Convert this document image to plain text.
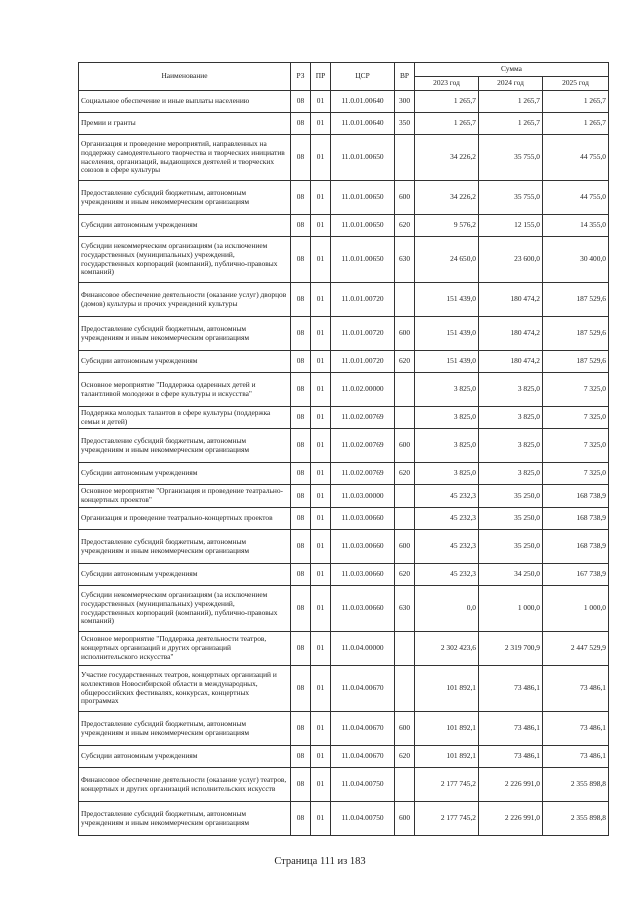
Наименование	РЗ	ПР	ЦСР	ВР	Сумма		
					2023 год	2024 год	2025 год
Социальное обеспечение и иные выплаты населению	08	01	11.0.01.00640	300	1 265,7	1 265,7	1 265,7
Премии и гранты	08	01	11.0.01.00640	350	1 265,7	1 265,7	1 265,7
Организация и проведение мероприятий, направленных на поддержку самодеятельного творчества и творческих инициатив населения, организаций, выдающихся деятелей и творческих союзов в сфере культуры	08	01	11.0.01.00650		34 226,2	35 755,0	44 755,0
Предоставление субсидий бюджетным, автономным учреждениям и иным некоммерческим организациям	08	01	11.0.01.00650	600	34 226,2	35 755,0	44 755,0
Субсидии автономным учреждениям	08	01	11.0.01.00650	620	9 576,2	12 155,0	14 355,0
Субсидии некоммерческим организациям (за исключением государственных (муниципальных) учреждений, государственных корпораций (компаний), публично-правовых компаний)	08	01	11.0.01.00650	630	24 650,0	23 600,0	30 400,0
Финансовое обеспечение деятельности (оказание услуг) дворцов (домов) культуры и прочих учреждений культуры	08	01	11.0.01.00720		151 439,0	180 474,2	187 529,6
Предоставление субсидий бюджетным, автономным учреждениям и иным некоммерческим организациям	08	01	11.0.01.00720	600	151 439,0	180 474,2	187 529,6
Субсидии автономным учреждениям	08	01	11.0.01.00720	620	151 439,0	180 474,2	187 529,6
Основное мероприятие "Поддержка одаренных детей и талантливой молодежи в сфере культуры и искусства"	08	01	11.0.02.00000		3 825,0	3 825,0	7 325,0
Поддержка молодых талантов в сфере культуры (поддержка семьи и детей)	08	01	11.0.02.00769		3 825,0	3 825,0	7 325,0
Предоставление субсидий бюджетным, автономным учреждениям и иным некоммерческим организациям	08	01	11.0.02.00769	600	3 825,0	3 825,0	7 325,0
Субсидии автономным учреждениям	08	01	11.0.02.00769	620	3 825,0	3 825,0	7 325,0
Основное мероприятие "Организация и проведение театрально-концертных проектов"	08	01	11.0.03.00000		45 232,3	35 250,0	168 738,9
Организация и проведение театрально-концертных проектов	08	01	11.0.03.00660		45 232,3	35 250,0	168 738,9
Предоставление субсидий бюджетным, автономным учреждениям и иным некоммерческим организациям	08	01	11.0.03.00660	600	45 232,3	35 250,0	168 738,9
Субсидии автономным учреждениям	08	01	11.0.03.00660	620	45 232,3	34 250,0	167 738,9
Субсидии некоммерческим организациям (за исключением государственных (муниципальных) учреждений, государственных корпораций (компаний), публично-правовых компаний)	08	01	11.0.03.00660	630	0,0	1 000,0	1 000,0
Основное мероприятие "Поддержка деятельности театров, концертных организаций и других организаций исполнительского искусства"	08	01	11.0.04.00000		2 302 423,6	2 319 700,9	2 447 529,9
Участие государственных театров, концертных организаций и коллективов Новосибирской области в международных, общероссийских фестивалях, конкурсах, концертных программах	08	01	11.0.04.00670		101 892,1	73 486,1	73 486,1
Предоставление субсидий бюджетным, автономным учреждениям и иным некоммерческим организациям	08	01	11.0.04.00670	600	101 892,1	73 486,1	73 486,1
Субсидии автономным учреждениям	08	01	11.0.04.00670	620	101 892,1	73 486,1	73 486,1
Финансовое обеспечение деятельности (оказание услуг) театров, концертных и других организаций исполнительских искусств	08	01	11.0.04.00750		2 177 745,2	2 226 991,0	2 355 898,8
Предоставление субсидий бюджетным, автономным учреждениям и иным некоммерческим организациям	08	01	11.0.04.00750	600	2 177 745,2	2 226 991,0	2 355 898,8
Страница 111 из 183
